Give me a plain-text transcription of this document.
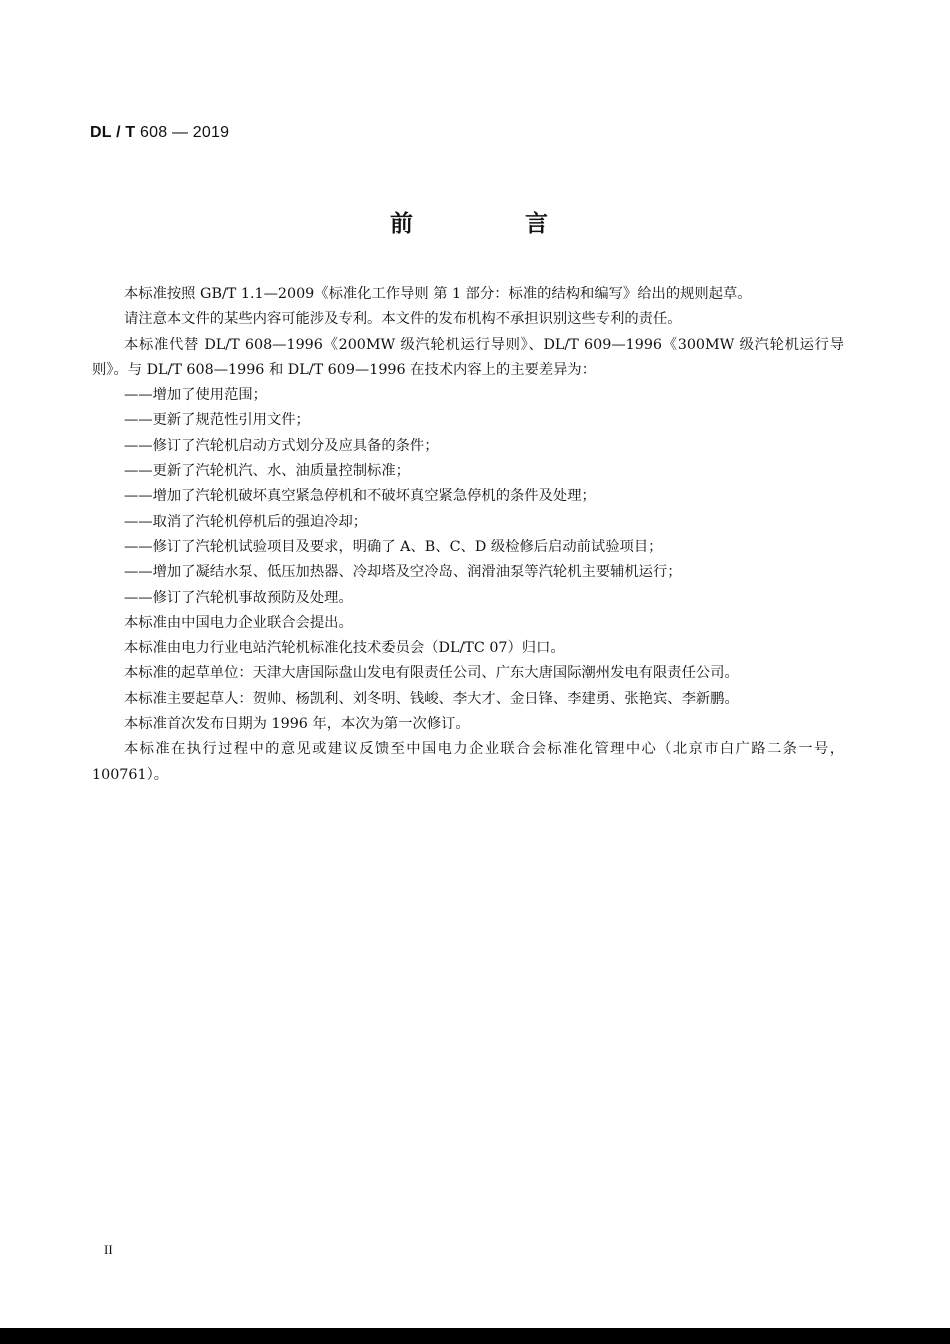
DL / T 608 — 2019
前 言

本标准按照 GB/T 1.1—2009《标准化工作导则 第 1 部分：标准的结构和编写》给出的规则起草。

请注意本文件的某些内容可能涉及专利。本文件的发布机构不承担识别这些专利的责任。

本标准代替 DL/T 608—1996《200MW 级汽轮机运行导则》、DL/T 609—1996《300MW 级汽轮机运行导则》。与 DL/T 608—1996 和 DL/T 609—1996 在技术内容上的主要差异为：

——增加了使用范围；

——更新了规范性引用文件；

——修订了汽轮机启动方式划分及应具备的条件；

——更新了汽轮机汽、水、油质量控制标准；

——增加了汽轮机破坏真空紧急停机和不破坏真空紧急停机的条件及处理；

——取消了汽轮机停机后的强迫冷却；

——修订了汽轮机试验项目及要求，明确了 A、B、C、D 级检修后启动前试验项目；

——增加了凝结水泵、低压加热器、冷却塔及空冷岛、润滑油泵等汽轮机主要辅机运行；

——修订了汽轮机事故预防及处理。

本标准由中国电力企业联合会提出。

本标准由电力行业电站汽轮机标准化技术委员会（DL/TC 07）归口。

本标准的起草单位：天津大唐国际盘山发电有限责任公司、广东大唐国际潮州发电有限责任公司。

本标准主要起草人：贺帅、杨凯利、刘冬明、钱峻、李大才、金日锋、李建勇、张艳宾、李新鹏。

本标准首次发布日期为 1996 年，本次为第一次修订。

本标准在执行过程中的意见或建议反馈至中国电力企业联合会标准化管理中心（北京市白广路二条一号，100761）。

II
